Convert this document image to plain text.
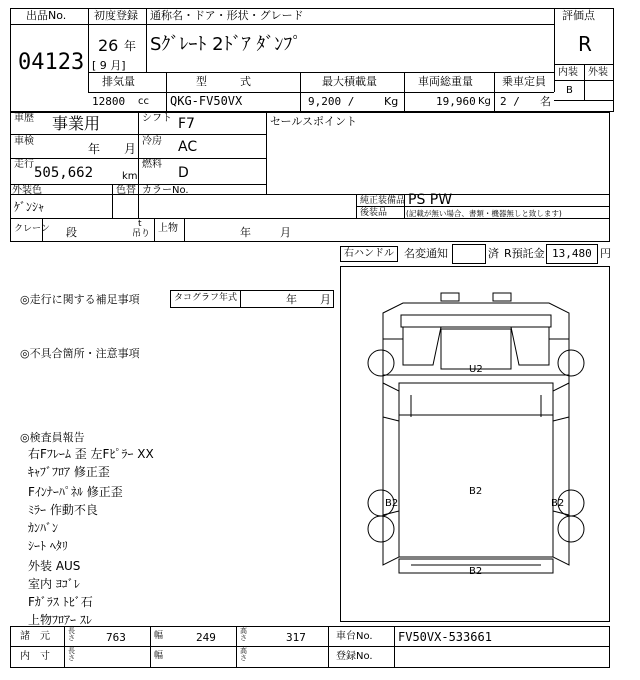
出品No.
04123
初度登録
26 年
[ 9 月]
通称名・ドア・形状・グレード
Sｸﾞﾚｰﾄ 2ﾄﾞｱ ﾀﾞﾝﾌﾟ
評価点
R
内装 外装
B
排気量	型　　　式	最大積載量	車両総重量	乗車定員
12800 cc QKG-FV50VX	9,200 /	Kg	19,960 Kg 2 / 名
車歴 事業用	シフト F7
車検
年 月
冷房 AC
走行
505,662	km
燃料
D
セールスポイント
外装色
ｹﾞﾝｼｬ
色替 カラーNo.
純正装備品 PS PW
後装品	(記載が無い場合、書類・機器無しと致します)
クレーン 段
t
吊り 上物	年	月
右ハンドル 名変通知	済 R預託金 13,480 円
◎走行に関する補足事項	タコグラフ年式	年 月
◎不具合箇所・注意事項
◎検査員報告
右Fﾌﾚｰﾑ 歪 左Fﾋﾟﾗｰ XX
ｷｬﾌﾞﾌﾛｱ 修正歪
Fｲﾝﾅｰﾊﾟﾈﾙ 修正歪
ﾐﾗｰ 作動不良
ｶﾝﾊﾞﾝ
ｼｰﾄ ﾍﾀﾘ
外装 AUS
室内 ﾖｺﾞﾚ
Fｶﾞﾗｽ ﾄﾋﾞ石
上物ﾌﾛｱｰ ｽﾚ
U2
B2
B2	B2
B2
諸　元	長さ	763	幅	249	高さ	317	車台No. FV50VX-533661
内　寸	長さ	幅	高さ	登録No.
